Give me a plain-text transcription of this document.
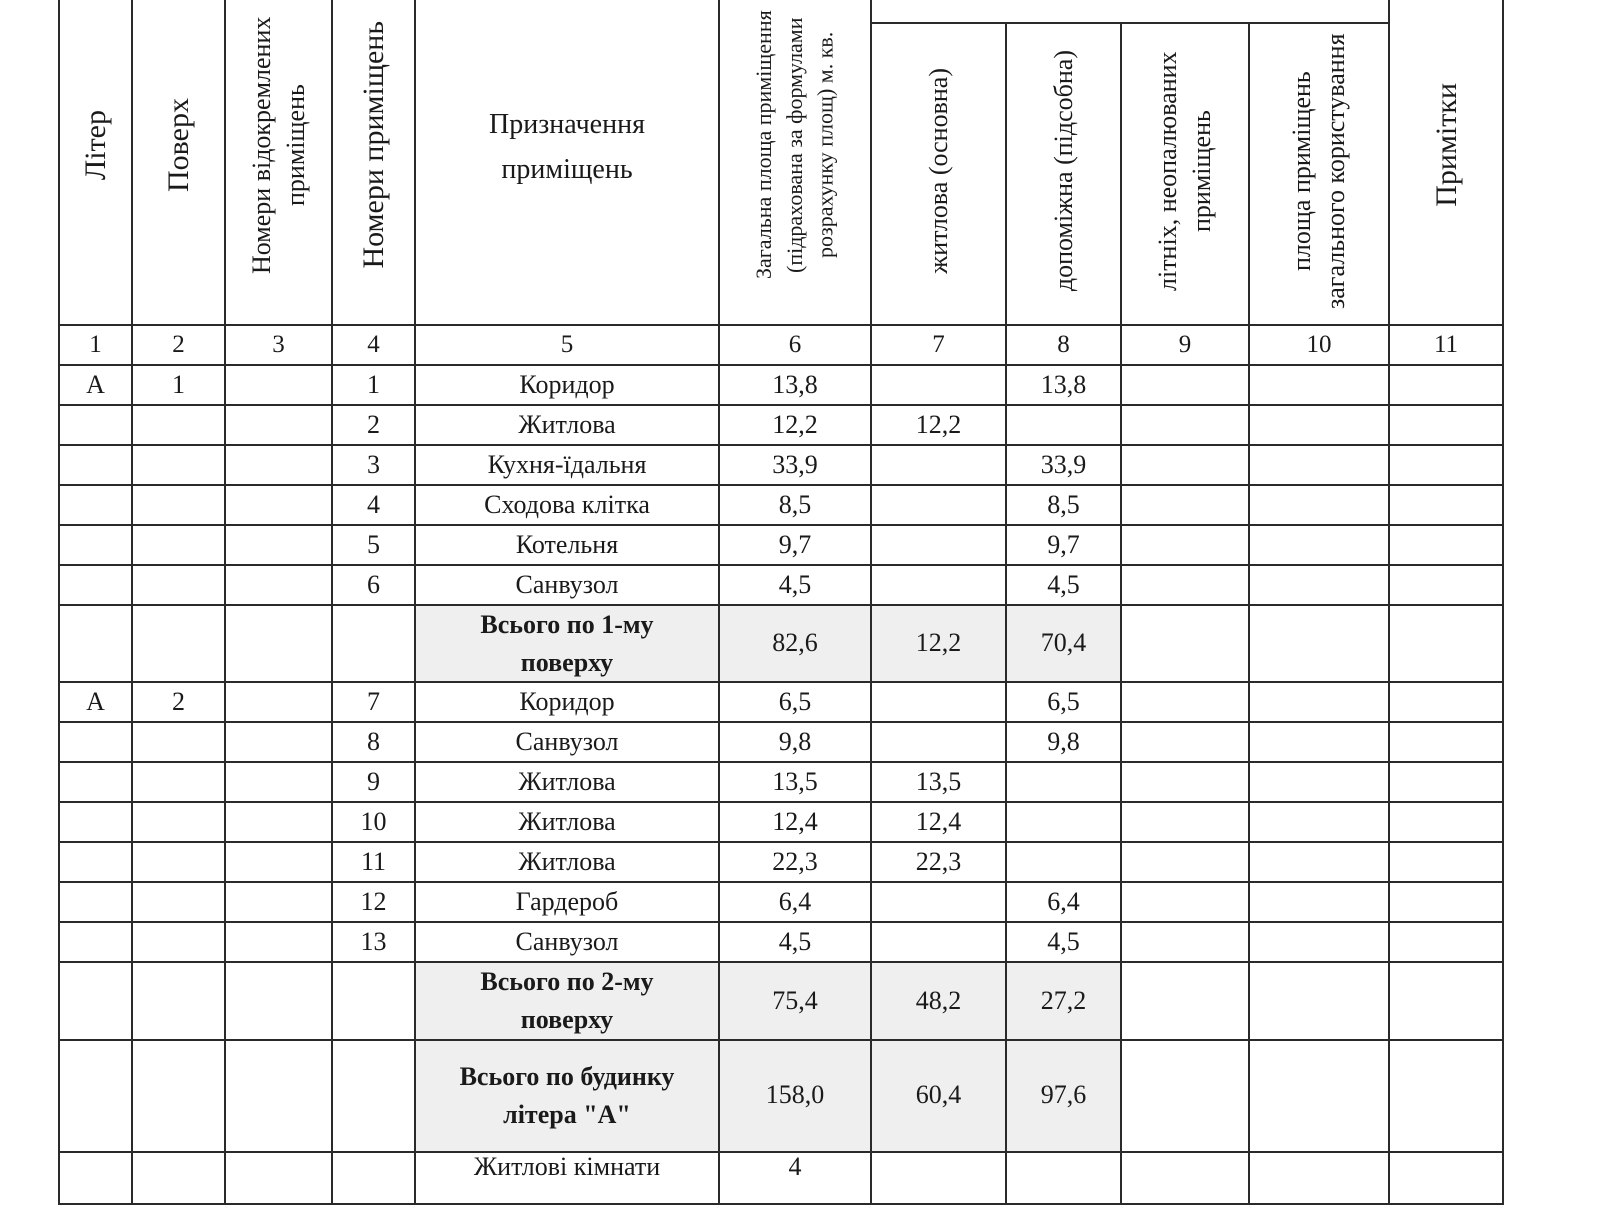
Літер	Поверх	Номери відокремлених приміщень	Номери приміщень	Призначення приміщень	Загальна площа приміщення (підрахована за формулами розрахунку площ) м. кв.					Примітки
						житлова (основна)	допоміжна (підсобна)	літніх, неопалюваних приміщень	площа приміщень загального користування	
1	2	3	4	5	6	7	8	9	10	11
А	1		1	Коридор	13,8		13,8			
			2	Житлова	12,2	12,2				
			3	Кухня-їдальня	33,9		33,9			
			4	Сходова клітка	8,5		8,5			
			5	Котельня	9,7		9,7			
			6	Санвузол	4,5		4,5			

				Всього по 1-му поверху	82,6	12,2	70,4			
А	2		7	Коридор	6,5		6,5			
			8	Санвузол	9,8		9,8			
			9	Житлова	13,5	13,5				
			10	Житлова	12,4	12,4				
			11	Житлова	22,3	22,3				
			12	Гардероб	6,4		6,4			
			13	Санвузол	4,5		4,5			

				Всього по 2-му поверху	75,4	48,2	27,2			

				Всього по будинку літера "А"	158,0	60,4	97,6			
				Житлові кімнати	4					
